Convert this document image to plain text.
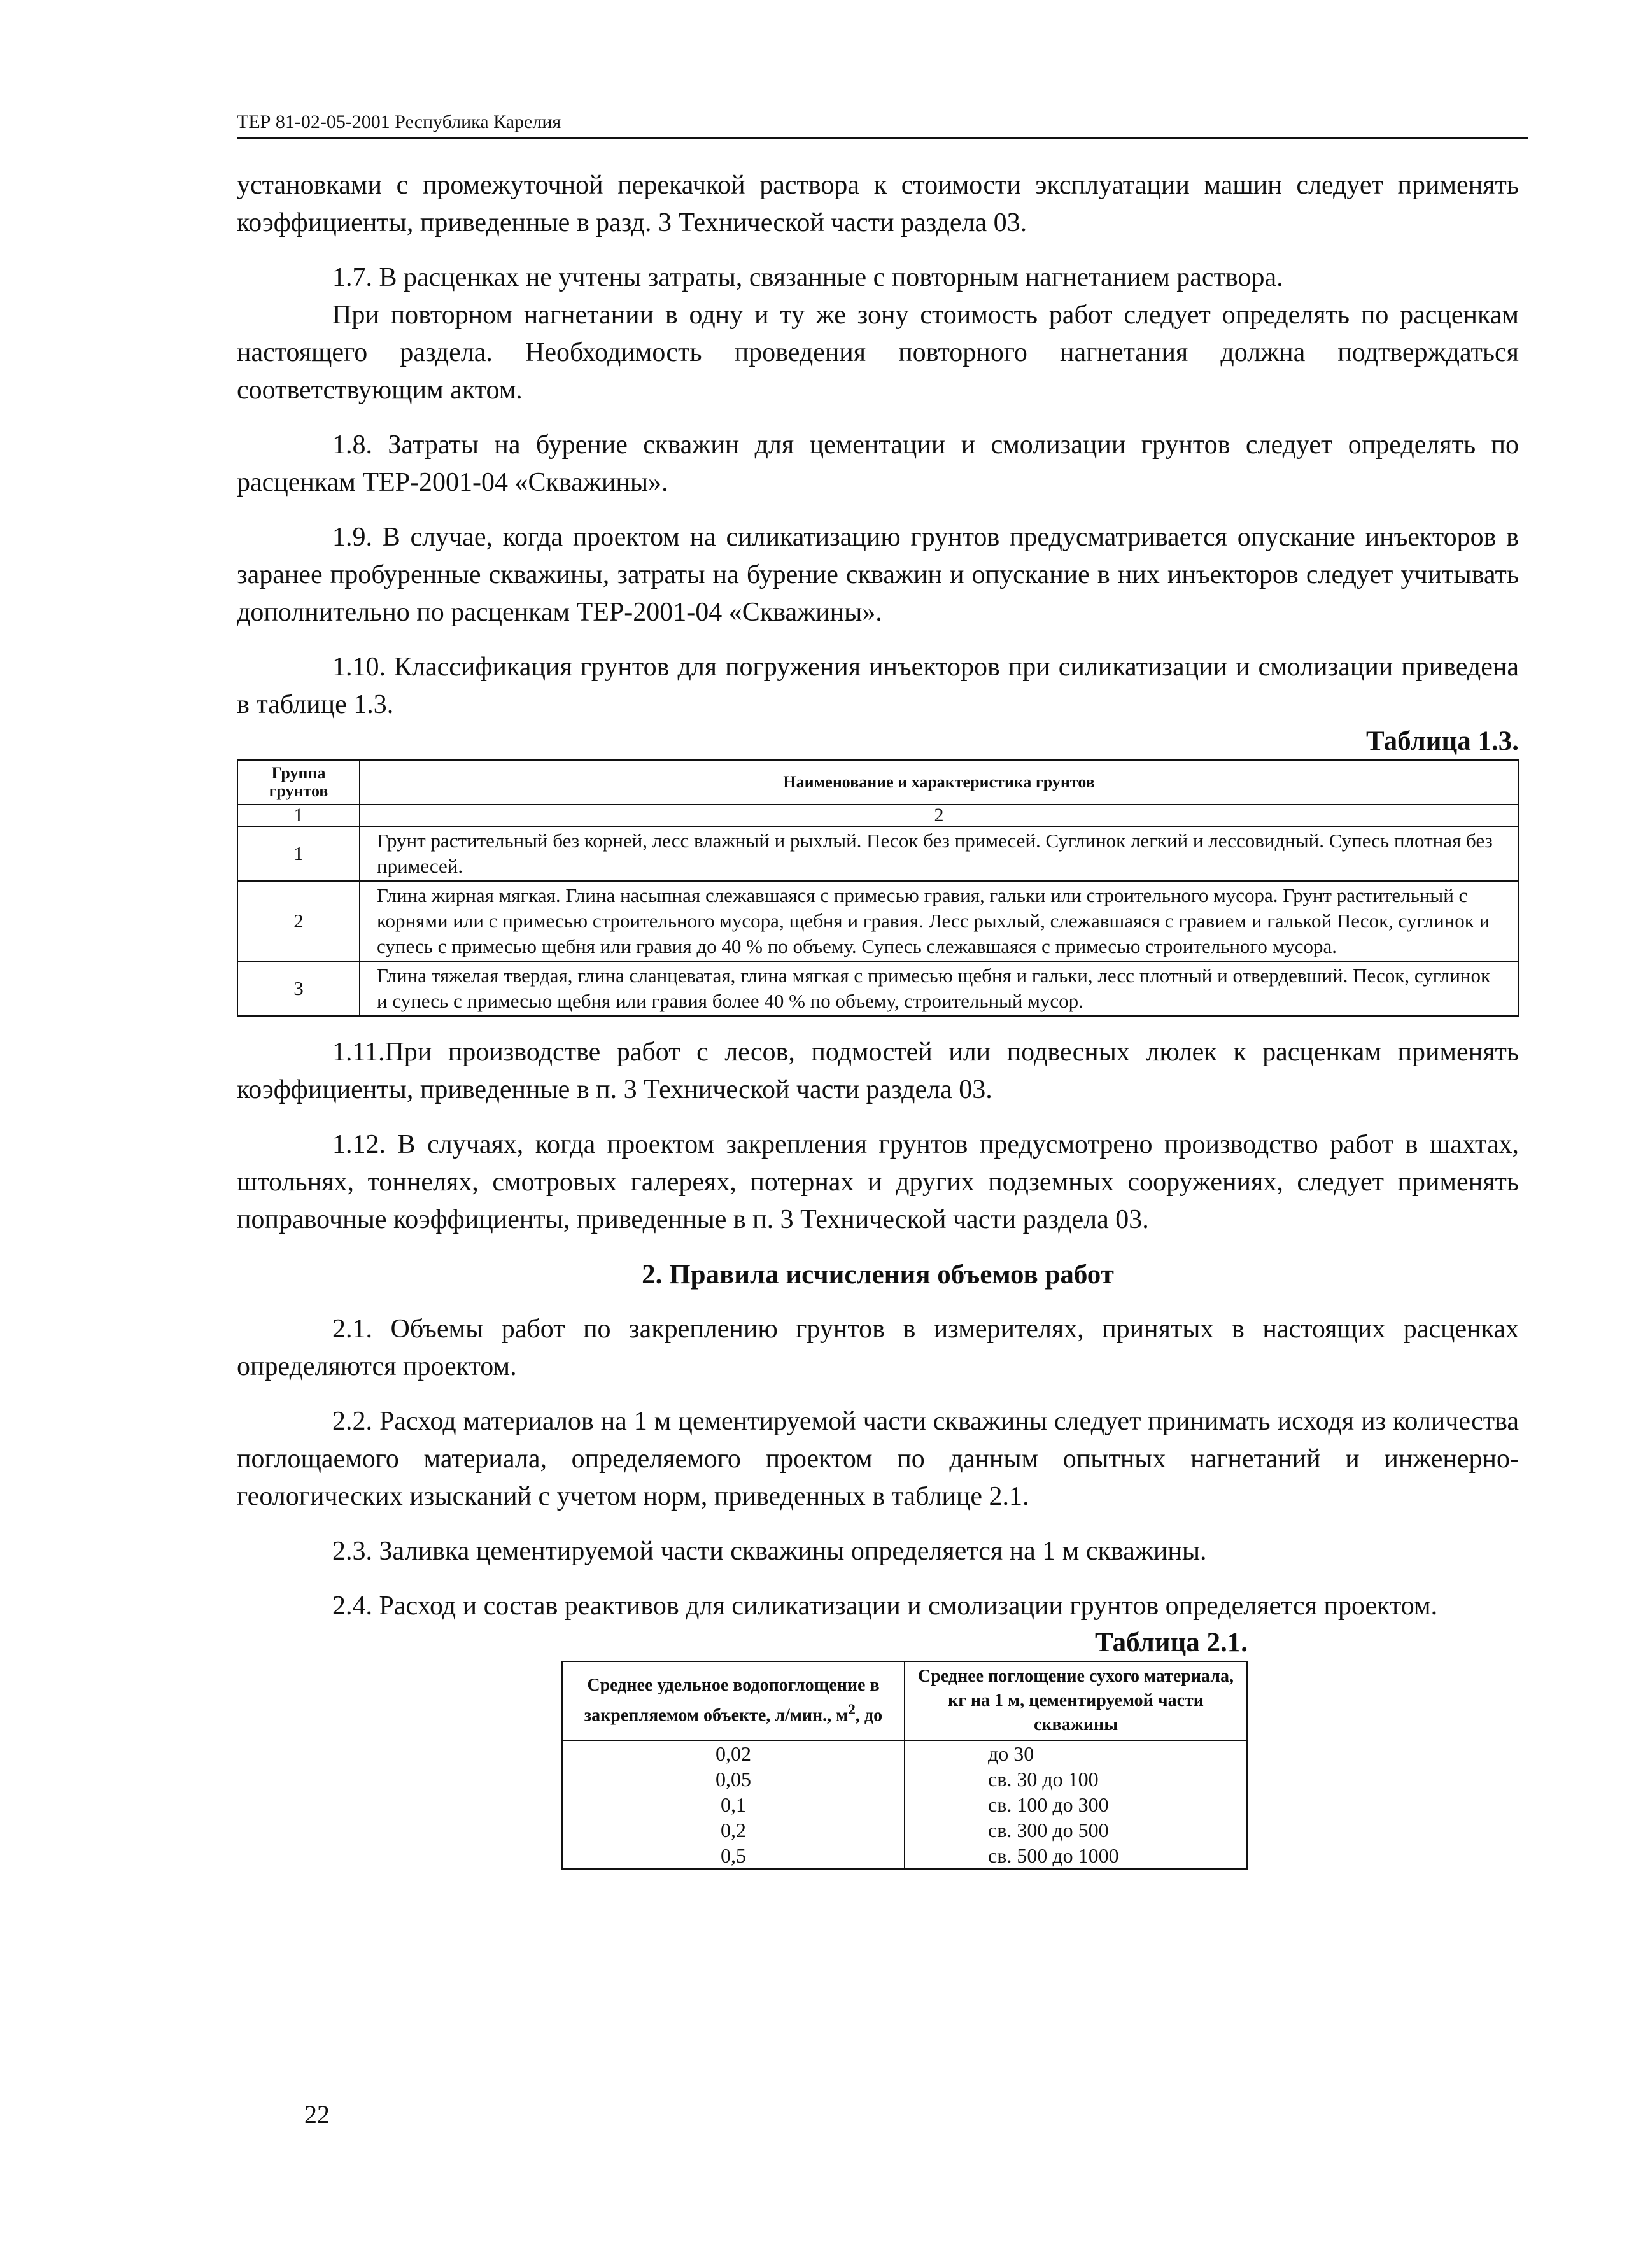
ТЕР 81-02-05-2001 Республика Карелия

установками с промежуточной перекачкой раствора к стоимости эксплуатации машин следует применять коэффициенты, приведенные в разд. 3 Технической части раздела 03.

1.7. В расценках не учтены затраты, связанные с повторным нагнетанием раствора.

При повторном нагнетании в одну и ту же зону стоимость работ следует определять по расценкам настоящего раздела. Необходимость проведения повторного нагнетания должна подтверждаться соответствующим актом.

1.8. Затраты на бурение скважин для цементации и смолизации грунтов следует определять по расценкам ТЕР-2001-04 «Скважины».

1.9. В случае, когда проектом на силикатизацию грунтов предусматривается опускание инъекторов в заранее пробуренные скважины, затраты на бурение скважин и опускание в них инъекторов следует учитывать дополнительно по расценкам ТЕР-2001-04 «Скважины».

1.10. Классификация грунтов для погружения инъекторов при силикатизации и смолизации приведена в таблице 1.3.

Таблица 1.3.
Группа грунтов	Наименование и характеристика грунтов
1	2
1	Грунт растительный без корней, лесс влажный и рыхлый. Песок без примесей. Суглинок легкий и лессовидный. Супесь плотная без примесей.
2	Глина жирная мягкая. Глина насыпная слежавшаяся с примесью гравия, гальки или строительного мусора. Грунт растительный с корнями или с примесью строительного мусора, щебня и гравия. Лесс рыхлый, слежавшаяся с гравием и галькой Песок, суглинок и супесь с примесью щебня или гравия до 40 % по объему. Супесь слежавшаяся с примесью строительного мусора.
3	Глина тяжелая твердая, глина сланцеватая, глина мягкая с примесью щебня и гальки, лесс плотный и отвердевший. Песок, суглинок и супесь с примесью щебня или гравия более 40 % по объему, строительный мусор.

1.11.При производстве работ с лесов, подмостей или подвесных люлек к расценкам применять коэффициенты, приведенные в п. 3 Технической части раздела 03.

1.12. В случаях, когда проектом закрепления грунтов предусмотрено производство работ в шахтах, штольнях, тоннелях, смотровых галереях, потернах и других подземных сооружениях, следует применять поправочные коэффициенты, приведенные в п. 3 Технической части раздела 03.

2. Правила исчисления объемов работ

2.1. Объемы работ по закреплению грунтов в измерителях, принятых в настоящих расценках определяются проектом.

2.2. Расход материалов на 1 м цементируемой части скважины следует принимать исходя из количества поглощаемого материала, определяемого проектом по данным опытных нагнетаний и инженерно-геологических изысканий с учетом норм, приведенных в таблице 2.1.

2.3. Заливка цементируемой части скважины определяется на 1 м скважины.

2.4. Расход и состав реактивов для силикатизации и смолизации грунтов определяется проектом.

Таблица 2.1.
Среднее удельное водопоглощение в закрепляемом объекте, л/мин., $м^2$, до	Среднее поглощение сухого материала, кг на 1 м, цементируемой части скважины
0,02	до 30
0,05	св. 30 до 100
0,1	св. 100 до 300
0,2	св. 300 до 500
0,5	св. 500 до 1000
22
